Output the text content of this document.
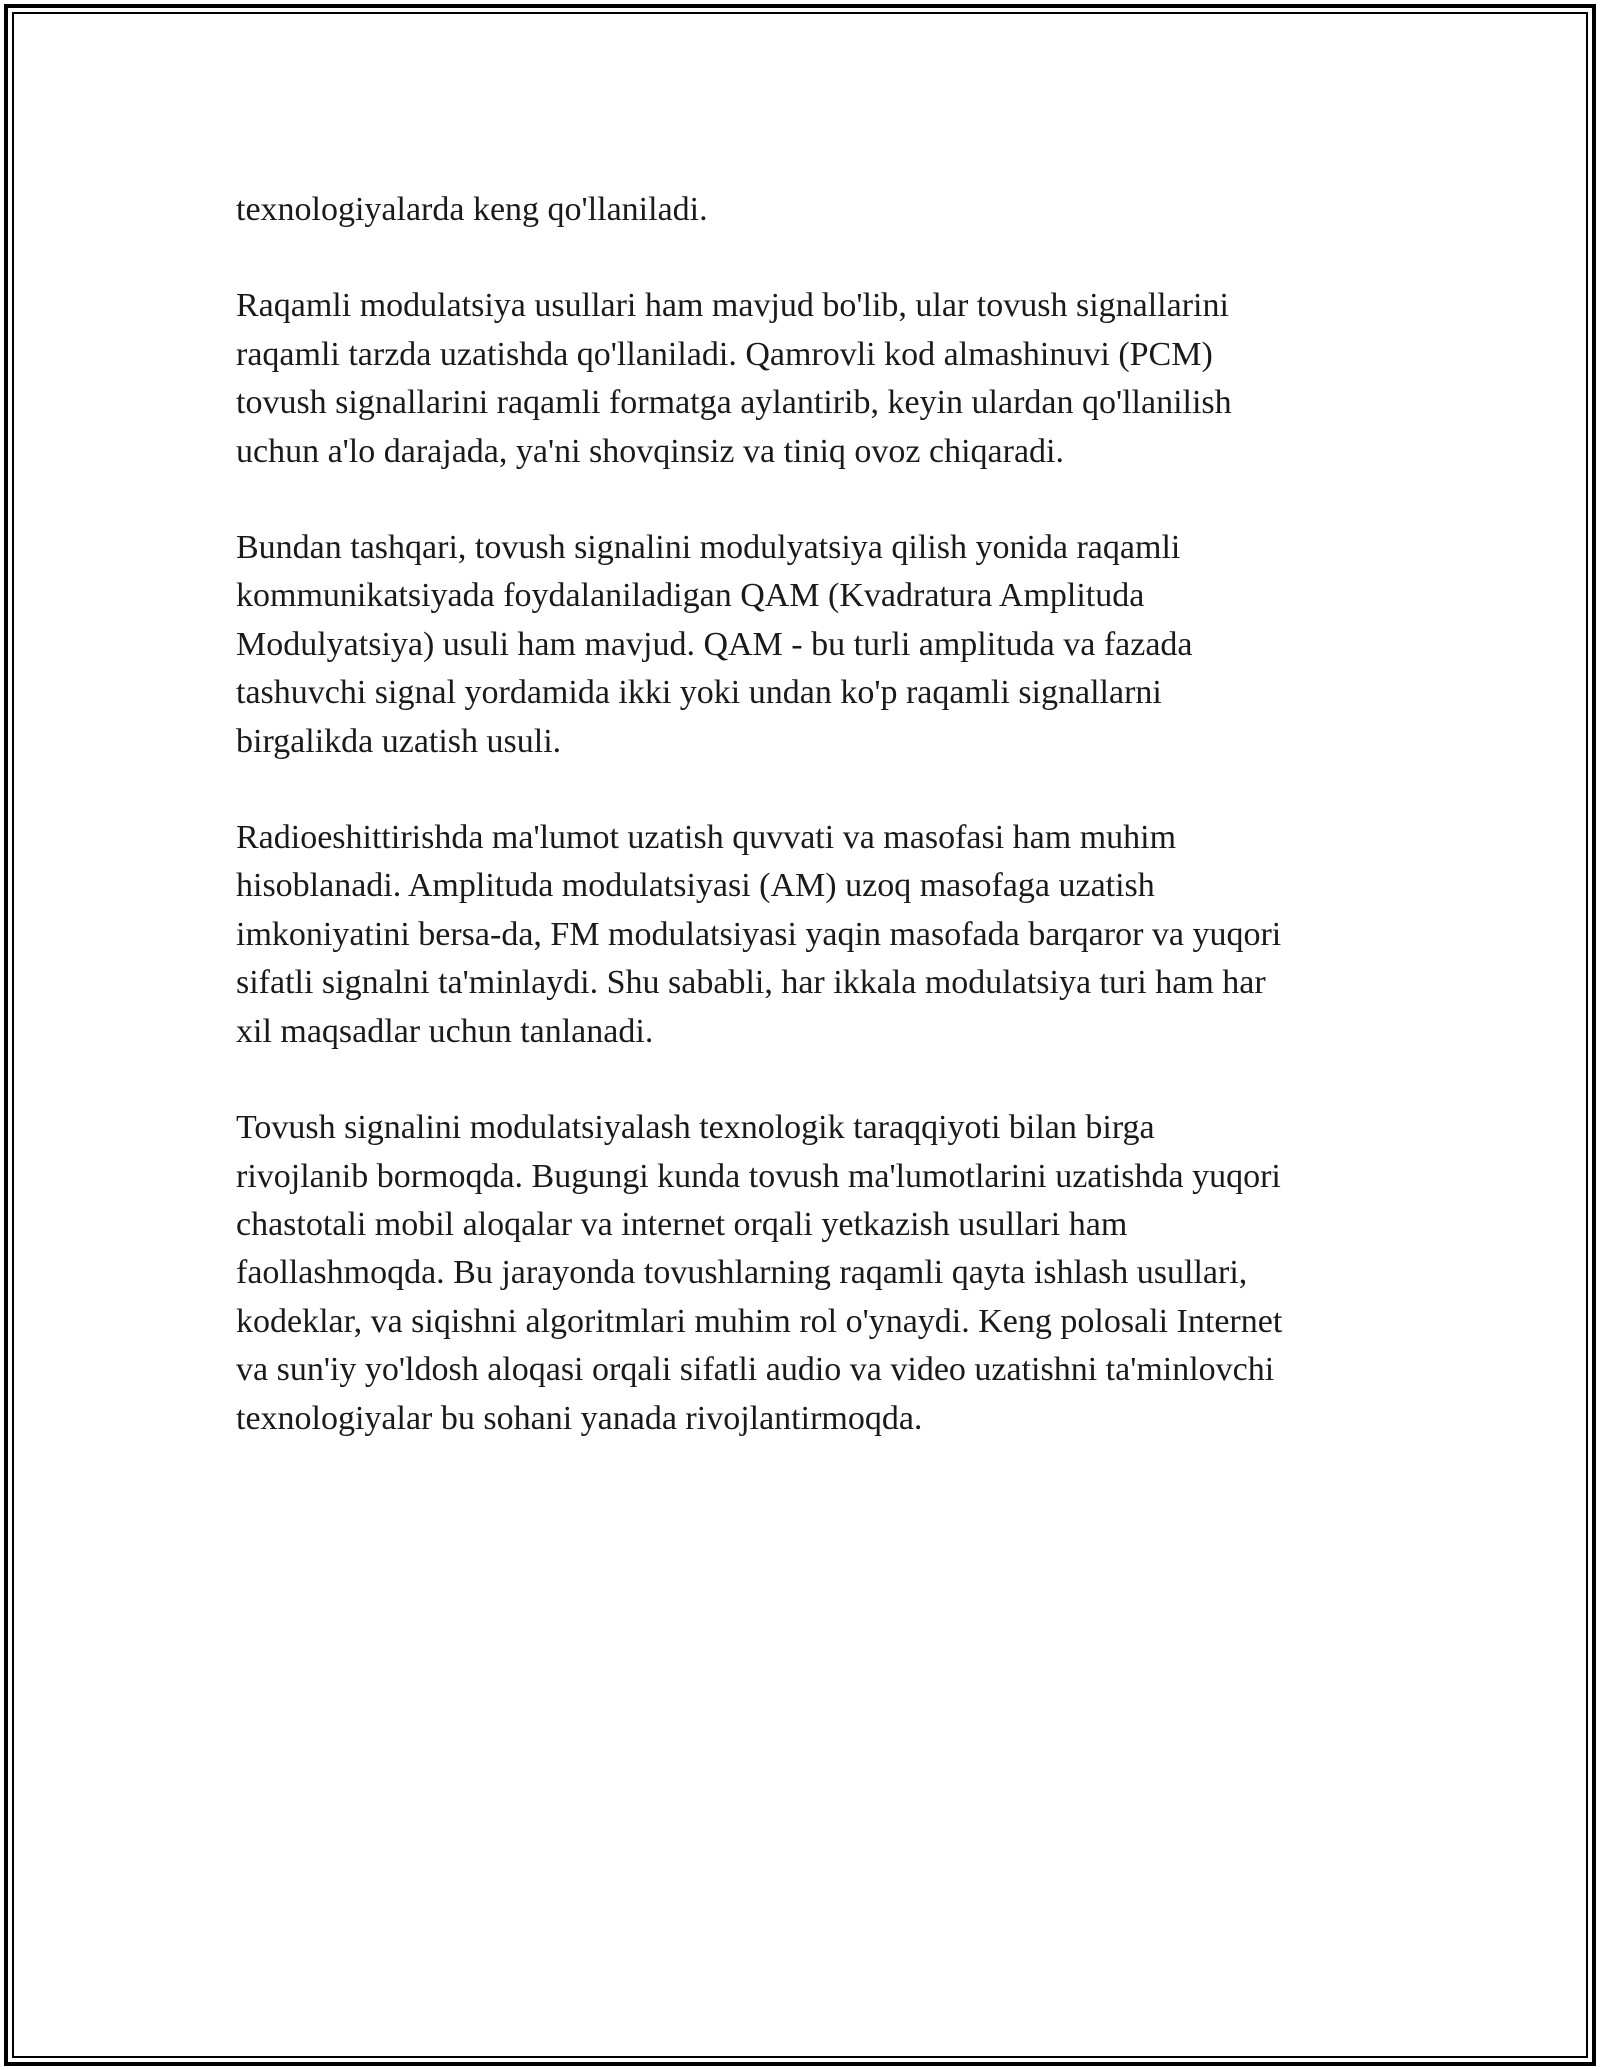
texnologiyalarda keng qo'llaniladi.

Raqamli modulatsiya usullari ham mavjud bo'lib, ular tovush signallarini
raqamli tarzda uzatishda qo'llaniladi. Qamrovli kod almashinuvi (PCM)
tovush signallarini raqamli formatga aylantirib, keyin ulardan qo'llanilish
uchun a'lo darajada, ya'ni shovqinsiz va tiniq ovoz chiqaradi.

Bundan tashqari, tovush signalini modulyatsiya qilish yonida raqamli
kommunikatsiyada foydalaniladigan QAM (Kvadratura Amplituda
Modulyatsiya) usuli ham mavjud. QAM - bu turli amplituda va fazada
tashuvchi signal yordamida ikki yoki undan ko'p raqamli signallarni
birgalikda uzatish usuli.

Radioeshittirishda ma'lumot uzatish quvvati va masofasi ham muhim
hisoblanadi. Amplituda modulatsiyasi (AM) uzoq masofaga uzatish
imkoniyatini bersa-da, FM modulatsiyasi yaqin masofada barqaror va yuqori
sifatli signalni ta'minlaydi. Shu sababli, har ikkala modulatsiya turi ham har
xil maqsadlar uchun tanlanadi.

Tovush signalini modulatsiyalash texnologik taraqqiyoti bilan birga
rivojlanib bormoqda. Bugungi kunda tovush ma'lumotlarini uzatishda yuqori
chastotali mobil aloqalar va internet orqali yetkazish usullari ham
faollashmoqda. Bu jarayonda tovushlarning raqamli qayta ishlash usullari,
kodeklar, va siqishni algoritmlari muhim rol o'ynaydi. Keng polosali Internet
va sun'iy yo'ldosh aloqasi orqali sifatli audio va video uzatishni ta'minlovchi
texnologiyalar bu sohani yanada rivojlantirmoqda.
